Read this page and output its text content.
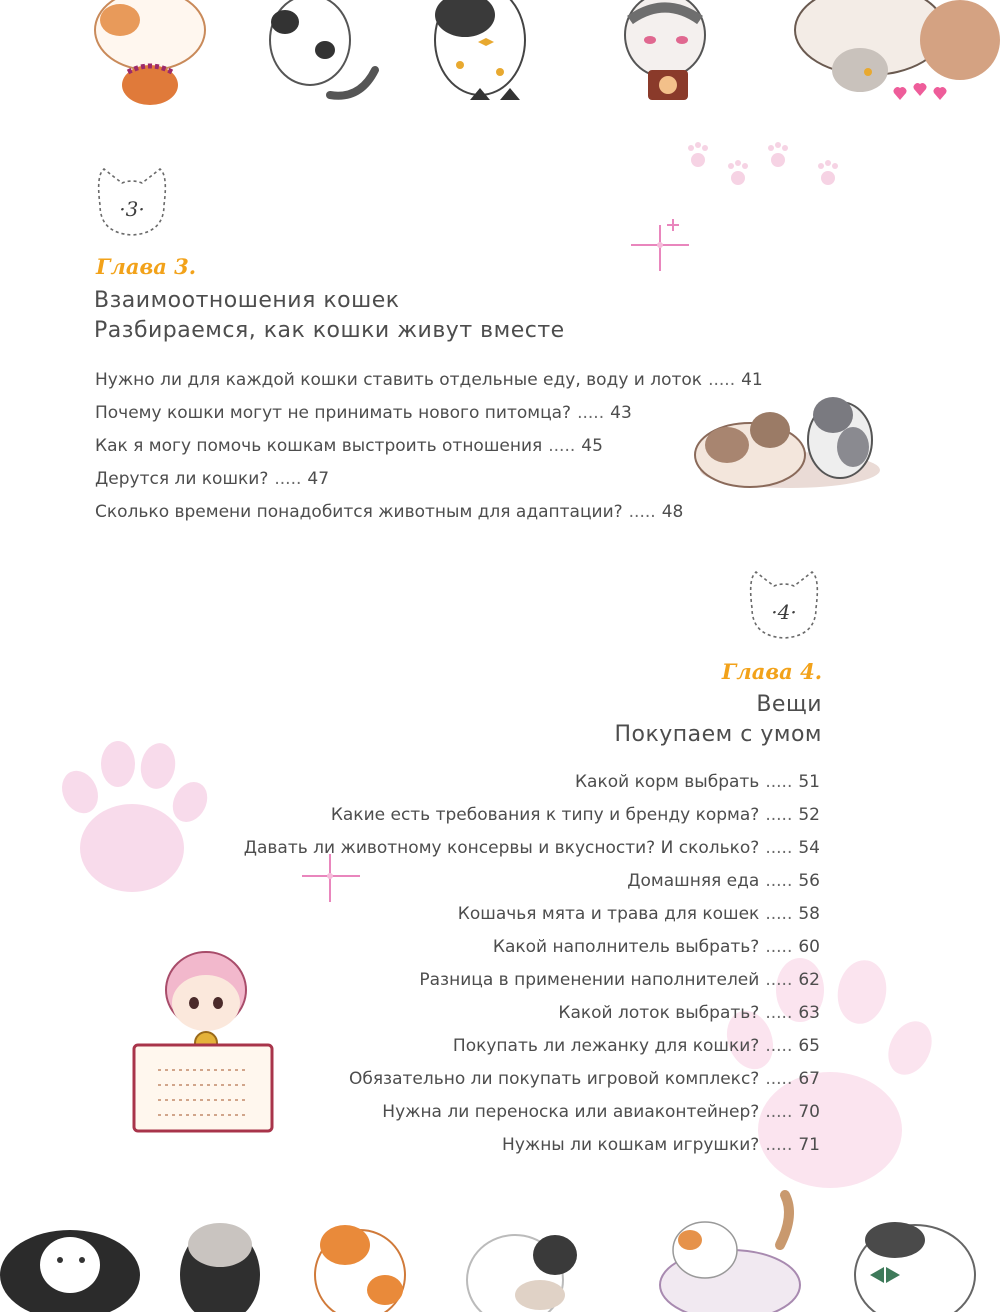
·3·
Глава 3.
Взаимоотношения кошек
Разбираемся, как кошки живут вместе
Нужно ли для каждой кошки ставить отдельные еду, воду и лоток ..... 41
Почему кошки могут не принимать нового питомца? ..... 43
Как я могу помочь кошкам выстроить отношения ..... 45
Дерутся ли кошки? ..... 47
Сколько времени понадобится животным для адаптации? ..... 48
·4·
Глава 4.
Вещи
Покупаем с умом
Какой корм выбрать ..... 51
Какие есть требования к типу и бренду корма? ..... 52
Давать ли животному консервы и вкусности? И сколько? ..... 54
Домашняя еда ..... 56
Кошачья мята и трава для кошек ..... 58
Какой наполнитель выбрать? ..... 60
Разница в применении наполнителей ..... 62
Какой лоток выбрать? ..... 63
Покупать ли лежанку для кошки? ..... 65
Обязательно ли покупать игровой комплекс? ..... 67
Нужна ли переноска или авиаконтейнер? ..... 70
Нужны ли кошкам игрушки? ..... 71
